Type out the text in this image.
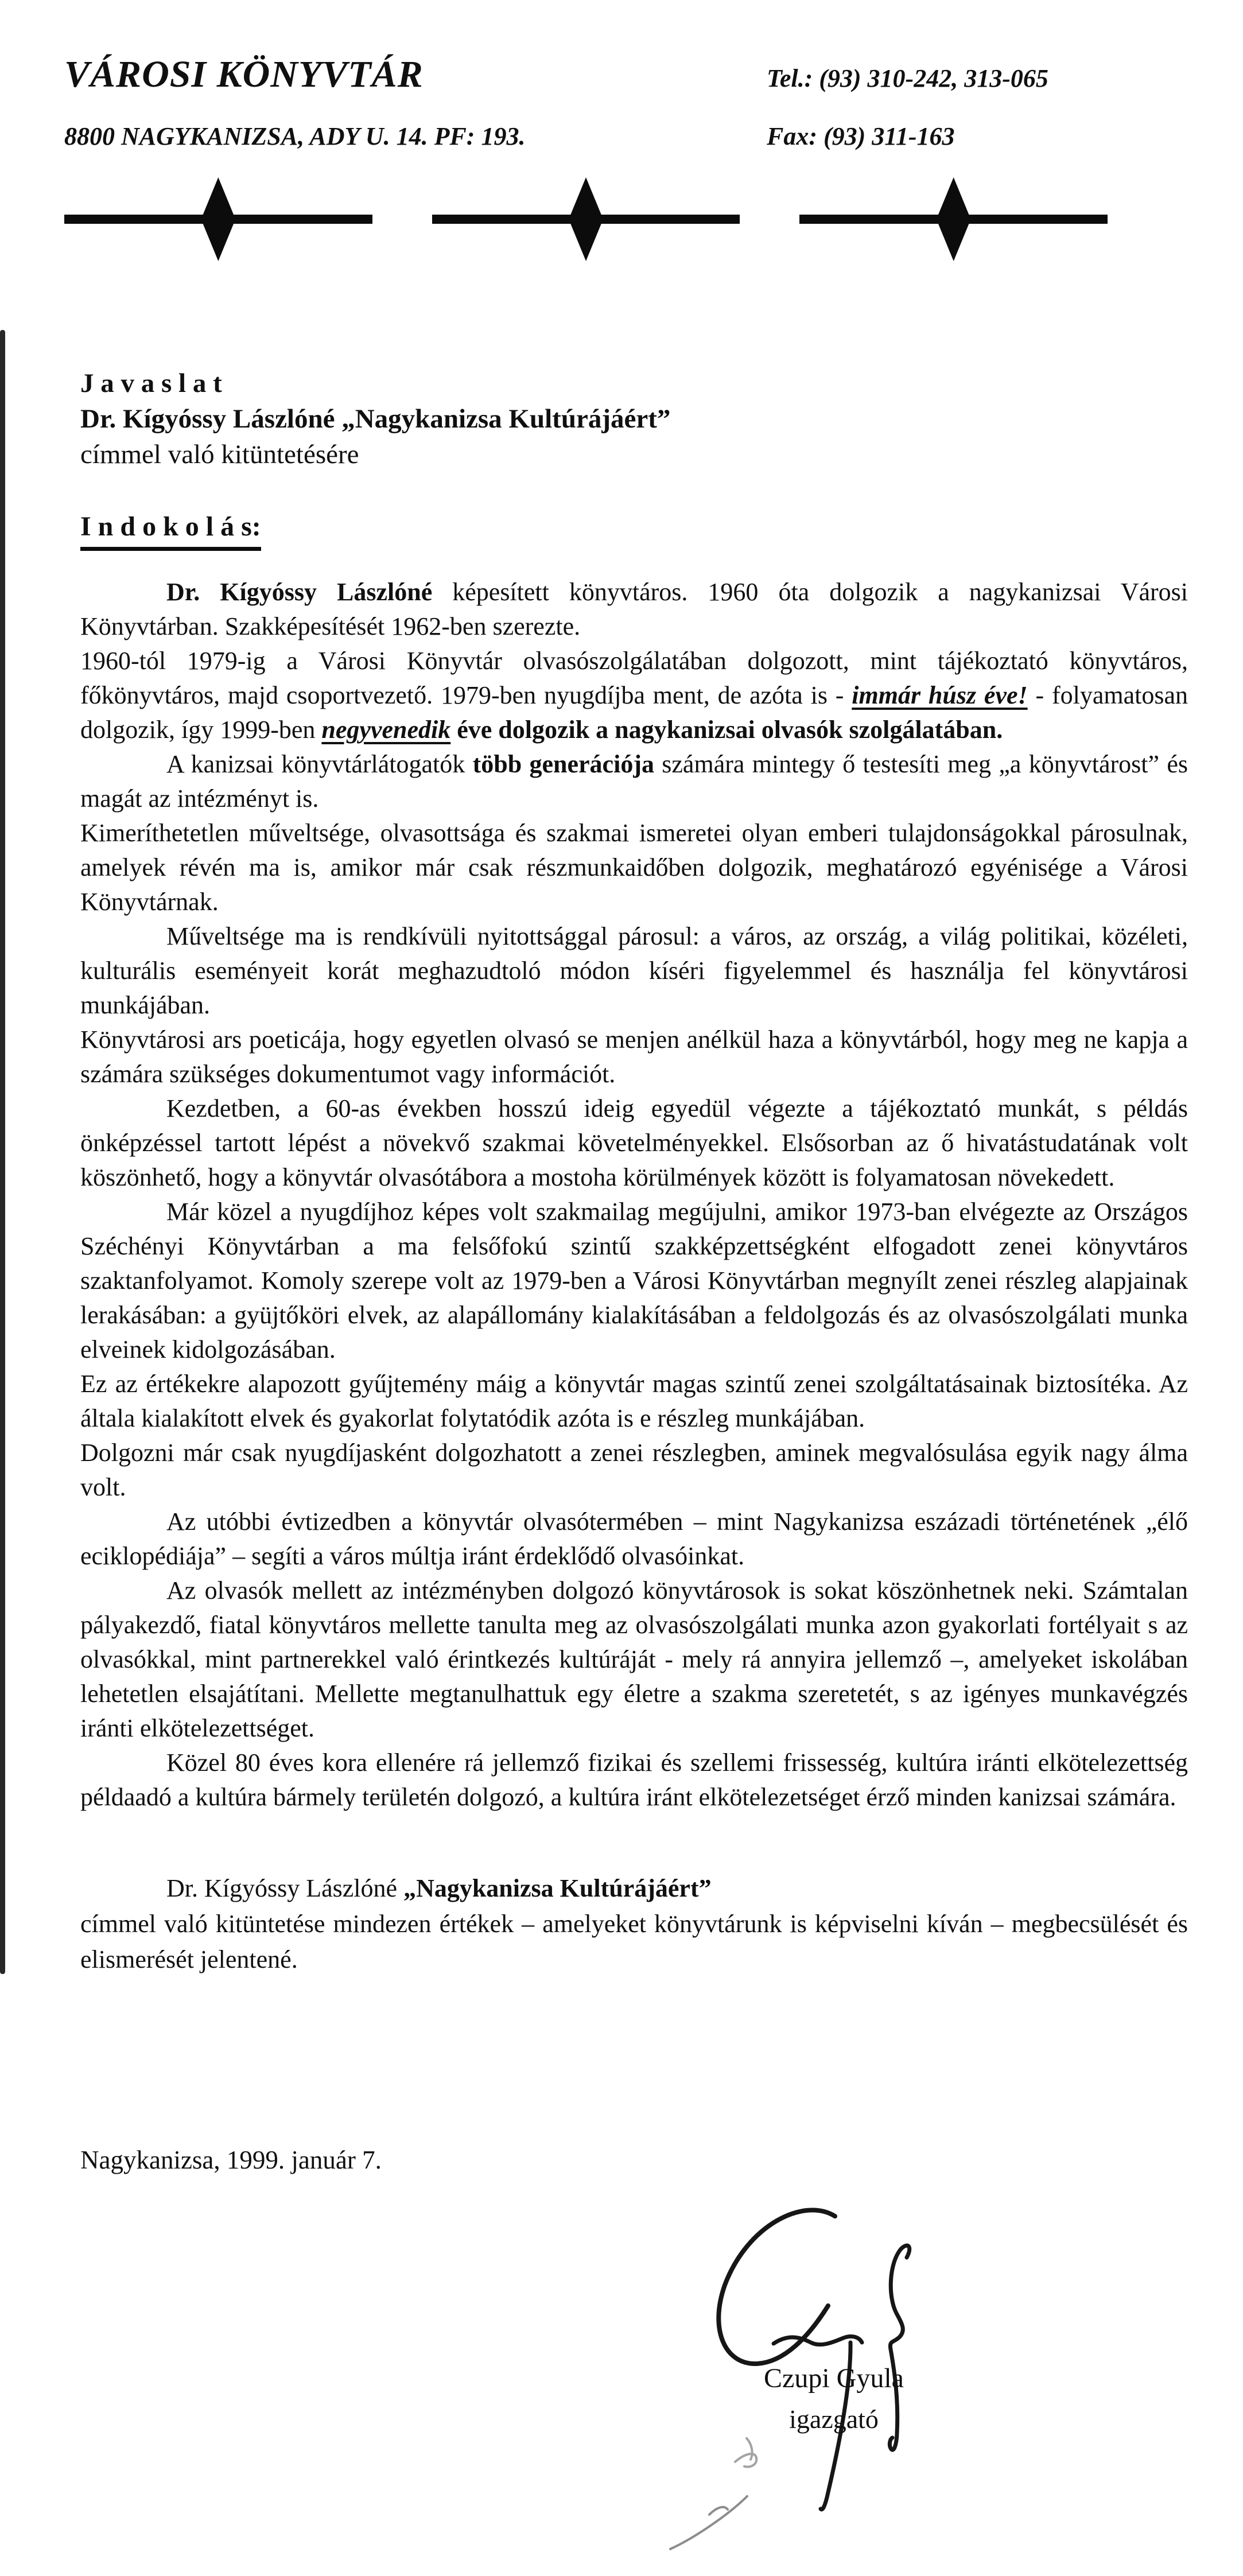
VÁROSI KÖNYVTÁR	Tel.: (93) 310-242, 313-065
8800 NAGYKANIZSA, ADY U. 14. PF: 193.	Fax: (93) 311-163
J a v a s l a t
Dr. Kígyóssy Lászlóné „Nagykanizsa Kultúrájáért”
címmel való kitüntetésére
I n d o k o l á s:

Dr. Kígyóssy Lászlóné képesített könyvtáros. 1960 óta dolgozik a nagykanizsai Városi Könyvtárban. Szakképesítését 1962-ben szerezte.

1960-tól 1979-ig a Városi Könyvtár olvasószolgálatában dolgozott, mint tájékoztató könyvtáros, főkönyvtáros, majd csoportvezető. 1979-ben nyugdíjba ment, de azóta is - immár húsz éve! - folyamatosan dolgozik, így 1999-ben negyvenedik éve dolgozik a nagykanizsai olvasók szolgálatában.

A kanizsai könyvtárlátogatók több generációja számára mintegy ő testesíti meg „a könyvtárost” és magát az intézményt is.

Kimeríthetetlen műveltsége, olvasottsága és szakmai ismeretei olyan emberi tulajdonságokkal párosulnak, amelyek révén ma is, amikor már csak részmunkaidőben dolgozik, meghatározó egyénisége a Városi Könyvtárnak.

Műveltsége ma is rendkívüli nyitottsággal párosul: a város, az ország, a világ politikai, közéleti, kulturális eseményeit korát meghazudtoló módon kíséri figyelemmel és használja fel könyvtárosi munkájában.

Könyvtárosi ars poeticája, hogy egyetlen olvasó se menjen anélkül haza a könyvtárból, hogy meg ne kapja a számára szükséges dokumentumot vagy információt.

Kezdetben, a 60-as években hosszú ideig egyedül végezte a tájékoztató munkát, s példás önképzéssel tartott lépést a növekvő szakmai követelményekkel. Elsősorban az ő hivatástudatának volt köszönhető, hogy a könyvtár olvasótábora a mostoha körülmények között is folyamatosan növekedett.

Már közel a nyugdíjhoz képes volt szakmailag megújulni, amikor 1973-ban elvégezte az Országos Széchényi Könyvtárban a ma felsőfokú szintű szakképzettségként elfogadott zenei könyvtáros szaktanfolyamot. Komoly szerepe volt az 1979-ben a Városi Könyvtárban megnyílt zenei részleg alapjainak lerakásában: a gyüjtőköri elvek, az alapállomány kialakításában a feldolgozás és az olvasószolgálati munka elveinek kidolgozásában.

Ez az értékekre alapozott gyűjtemény máig a könyvtár magas szintű zenei szolgáltatásainak biztosítéka. Az általa kialakított elvek és gyakorlat folytatódik azóta is e részleg munkájában.

Dolgozni már csak nyugdíjasként dolgozhatott a zenei részlegben, aminek megvalósulása egyik nagy álma volt.

Az utóbbi évtizedben a könyvtár olvasótermében – mint Nagykanizsa eszázadi történetének „élő eciklopédiája” – segíti a város múltja iránt érdeklődő olvasóinkat.

Az olvasók mellett az intézményben dolgozó könyvtárosok is sokat köszönhetnek neki. Számtalan pályakezdő, fiatal könyvtáros mellette tanulta meg az olvasószolgálati munka azon gyakorlati fortélyait s az olvasókkal, mint partnerekkel való érintkezés kultúráját - mely rá annyira jellemző –, amelyeket iskolában lehetetlen elsajátítani. Mellette megtanulhattuk egy életre a szakma szeretetét, s az igényes munkavégzés iránti elkötelezettséget.

Közel 80 éves kora ellenére rá jellemző fizikai és szellemi frissesség, kultúra iránti elkötelezettség példaadó a kultúra bármely területén dolgozó, a kultúra iránt elkötelezetséget érző minden kanizsai számára.

Dr. Kígyóssy Lászlóné „Nagykanizsa Kultúrájáért”

címmel való kitüntetése mindezen értékek – amelyeket könyvtárunk is képviselni kíván – megbecsülését és elismerését jelentené.

Nagykanizsa, 1999. január 7.
Czupi Gyula
igazgató
